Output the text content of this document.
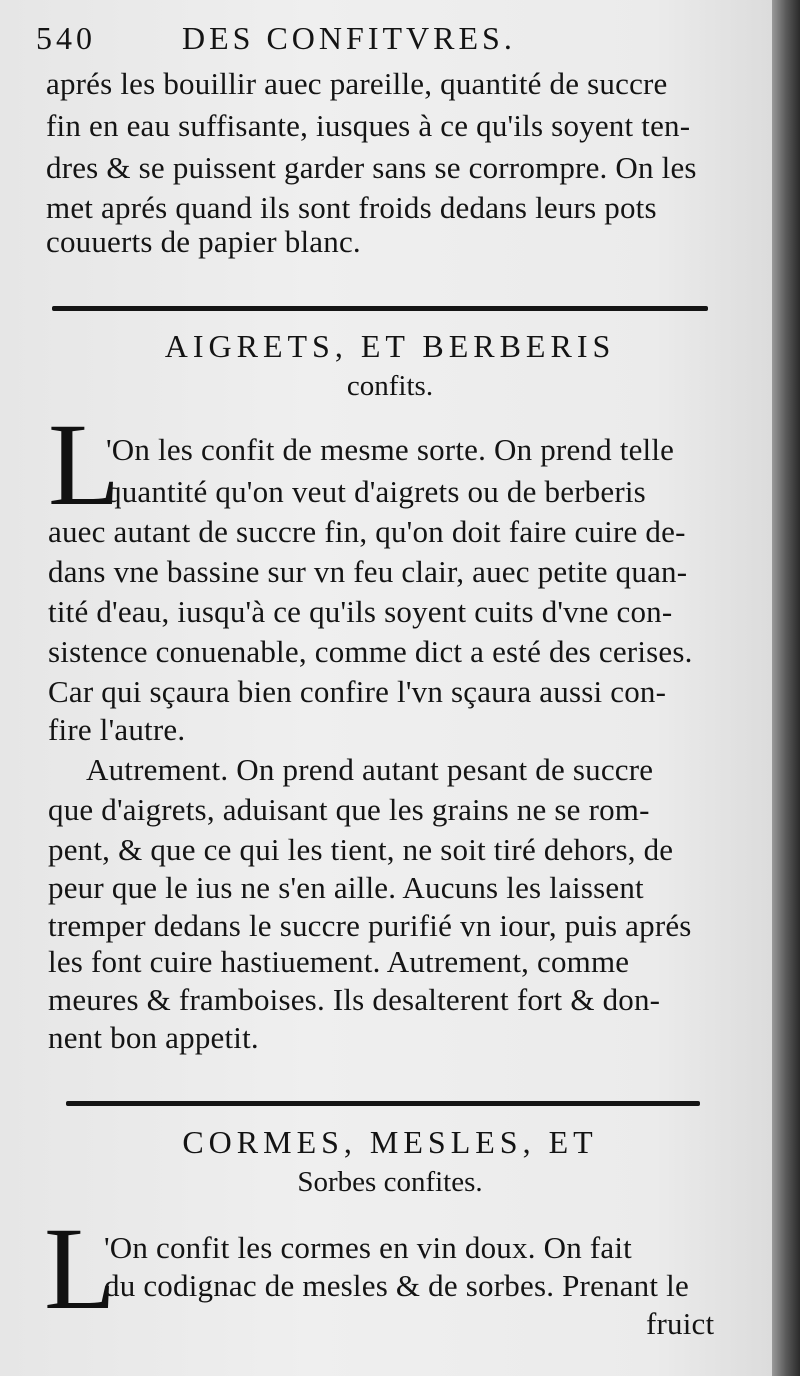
540	DES CONFITVRES.
aprés les bouillir auec pareille, quantité de succre
fin en eau suffisante, iusques à ce qu'ils soyent ten-
dres & se puissent garder sans se corrompre. On les
met aprés quand ils sont froids dedans leurs pots
couuerts de papier blanc.
AIGRETS, ET BERBERIS
confits.
L
'On les confit de mesme sorte. On prend telle
quantité qu'on veut d'aigrets ou de berberis
auec autant de succre fin, qu'on doit faire cuire de-
dans vne bassine sur vn feu clair, auec petite quan-
tité d'eau, iusqu'à ce qu'ils soyent cuits d'vne con-
sistence conuenable, comme dict a esté des cerises.
Car qui sçaura bien confire l'vn sçaura aussi con-
fire l'autre.
Autrement. On prend autant pesant de succre
que d'aigrets, aduisant que les grains ne se rom-
pent, & que ce qui les tient, ne soit tiré dehors, de
peur que le ius ne s'en aille. Aucuns les laissent
tremper dedans le succre purifié vn iour, puis aprés
les font cuire hastiuement. Autrement, comme
meures & framboises. Ils desalterent fort & don-
nent bon appetit.
CORMES, MESLES, ET
Sorbes confites.
L
'On confit les cormes en vin doux. On fait
du codignac de mesles & de sorbes. Prenant le
fruict
